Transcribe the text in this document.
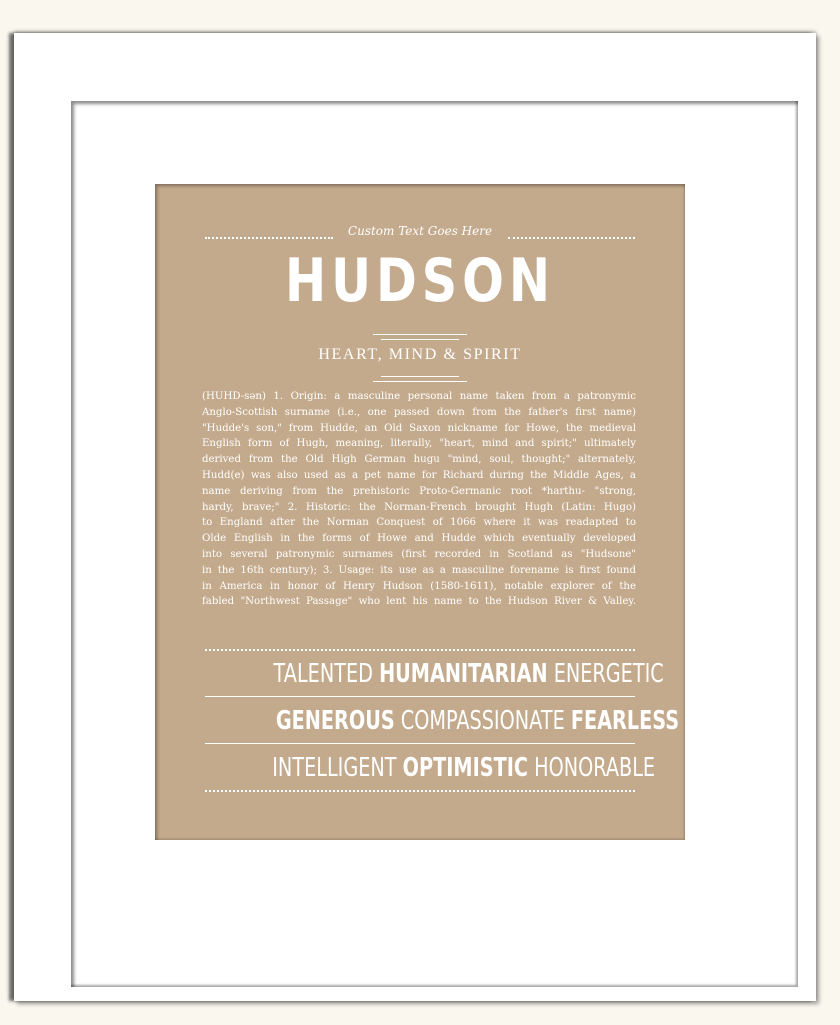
Custom Text Goes Here
HUDSON
HEART, MIND & SPIRIT
(HUHD-sən) 1. Origin: a masculine personal name taken from a patronymic
Anglo-Scottish surname (i.e., one passed down from the father's first name)
"Hudde's son," from Hudde, an Old Saxon nickname for Howe, the medieval
English form of Hugh, meaning, literally, "heart, mind and spirit;" ultimately
derived from the Old High German hugu "mind, soul, thought;" alternately,
Hudd(e) was also used as a pet name for Richard during the Middle Ages, a
name deriving from the prehistoric Proto-Germanic root *harthu- "strong,
hardy, brave;" 2. Historic: the Norman-French brought Hugh (Latin: Hugo)
to England after the Norman Conquest of 1066 where it was readapted to
Olde English in the forms of Howe and Hudde which eventually developed
into several patronymic surnames (first recorded in Scotland as "Hudsone"
in the 16th century); 3. Usage: its use as a masculine forename is first found
in America in honor of Henry Hudson (1580-1611), notable explorer of the
fabled "Northwest Passage" who lent his name to the Hudson River & Valley.
TALENTED HUMANITARIAN ENERGETIC
GENEROUS COMPASSIONATE FEARLESS
INTELLIGENT OPTIMISTIC HONORABLE
